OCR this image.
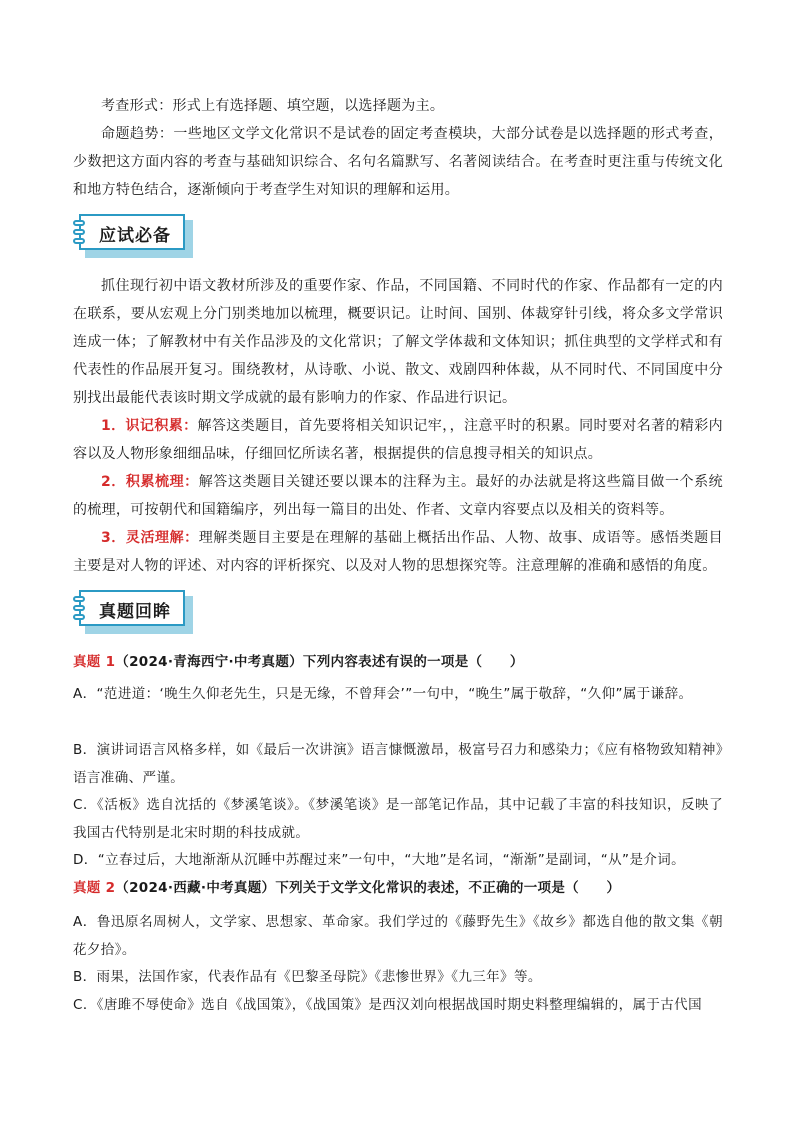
考查形式：形式上有选择题、填空题，以选择题为主。
命题趋势：一些地区文学文化常识不是试卷的固定考查模块，大部分试卷是以选择题的形式考查，少数把这方面内容的考查与基础知识综合、名句名篇默写、名著阅读结合。在考查时更注重与传统文化和地方特色结合，逐渐倾向于考查学生对知识的理解和运用。
应试必备
抓住现行初中语文教材所涉及的重要作家、作品，不同国籍、不同时代的作家、作品都有一定的内在联系，要从宏观上分门别类地加以梳理，概要识记。让时间、国别、体裁穿针引线，将众多文学常识连成一体；了解教材中有关作品涉及的文化常识；了解文学体裁和文体知识；抓住典型的文学样式和有代表性的作品展开复习。围绕教材，从诗歌、小说、散文、戏剧四种体裁，从不同时代、不同国度中分别找出最能代表该时期文学成就的最有影响力的作家、作品进行识记。
1．识记积累：解答这类题目，首先要将相关知识记牢，，注意平时的积累。同时要对名著的精彩内容以及人物形象细细品味，仔细回忆所读名著，根据提供的信息搜寻相关的知识点。
2．积累梳理：解答这类题目关键还要以课本的注释为主。最好的办法就是将这些篇目做一个系统的梳理，可按朝代和国籍编序，列出每一篇目的出处、作者、文章内容要点以及相关的资料等。
3．灵活理解：理解类题目主要是在理解的基础上概括出作品、人物、故事、成语等。感悟类题目主要是对人物的评述、对内容的评析探究、以及对人物的思想探究等。注意理解的准确和感悟的角度。
真题回眸
真题 1（2024·青海西宁·中考真题）下列内容表述有误的一项是（　　）
A．“范进道：‘晚生久仰老先生，只是无缘，不曾拜会’”一句中，“晚生”属于敬辞，“久仰”属于谦辞。
B．演讲词语言风格多样，如《最后一次讲演》语言慷慨激昂，极富号召力和感染力；《应有格物致知精神》语言准确、严谨。
C．《活板》选自沈括的《梦溪笔谈》。《梦溪笔谈》是一部笔记作品，其中记载了丰富的科技知识，反映了我国古代特别是北宋时期的科技成就。
D．“立春过后，大地渐渐从沉睡中苏醒过来”一句中，“大地”是名词，“渐渐”是副词，“从”是介词。
真题 2（2024·西藏·中考真题）下列关于文学文化常识的表述，不正确的一项是（　　）
A．鲁迅原名周树人，文学家、思想家、革命家。我们学过的《藤野先生》《故乡》都选自他的散文集《朝花夕拾》。
B．雨果，法国作家，代表作品有《巴黎圣母院》《悲惨世界》《九三年》等。
C．《唐雎不辱使命》选自《战国策》，《战国策》是西汉刘向根据战国时期史料整理编辑的，属于古代国
